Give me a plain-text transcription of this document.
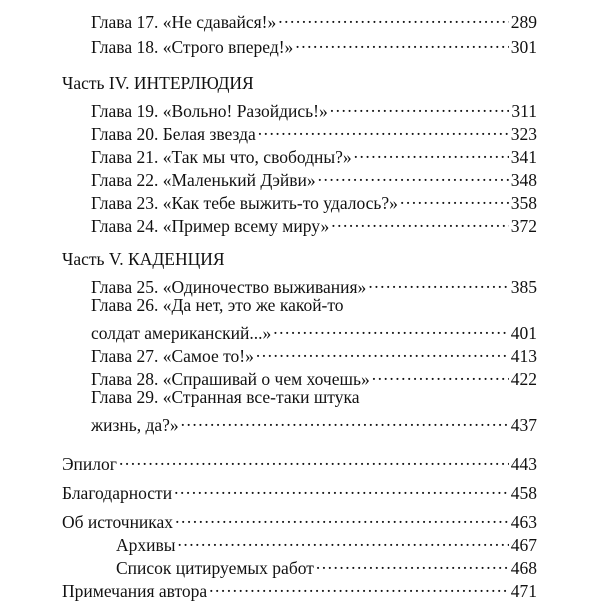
Глава 17. «Не сдавайся!» .....	289
Глава 18. «Строго вперед!» .....	301
Часть IV. ИНТЕРЛЮДИЯ
Глава 19. «Вольно! Разойдись!» .....	311
Глава 20. Белая звезда .....	323
Глава 21. «Так мы что, свободны?» .....	341
Глава 22. «Маленький Дэйви» .....	348
Глава 23. «Как тебе выжить-то удалось?» .....	358
Глава 24. «Пример всему миру» .....	372
Часть V. КАДЕНЦИЯ
Глава 25. «Одиночество выживания» .....	385
Глава 26. «Да нет, это же какой-то
солдат американский...» .....	401
Глава 27. «Самое то!» .....	413
Глава 28. «Спрашивай о чем хочешь» .....	422
Глава 29. «Странная все-таки штука
жизнь, да?» .....	437
Эпилог .....	443
Благодарности .....	458
Об источниках .....	463
Архивы .....	467
Список цитируемых работ .....	468
Примечания автора .....	471
